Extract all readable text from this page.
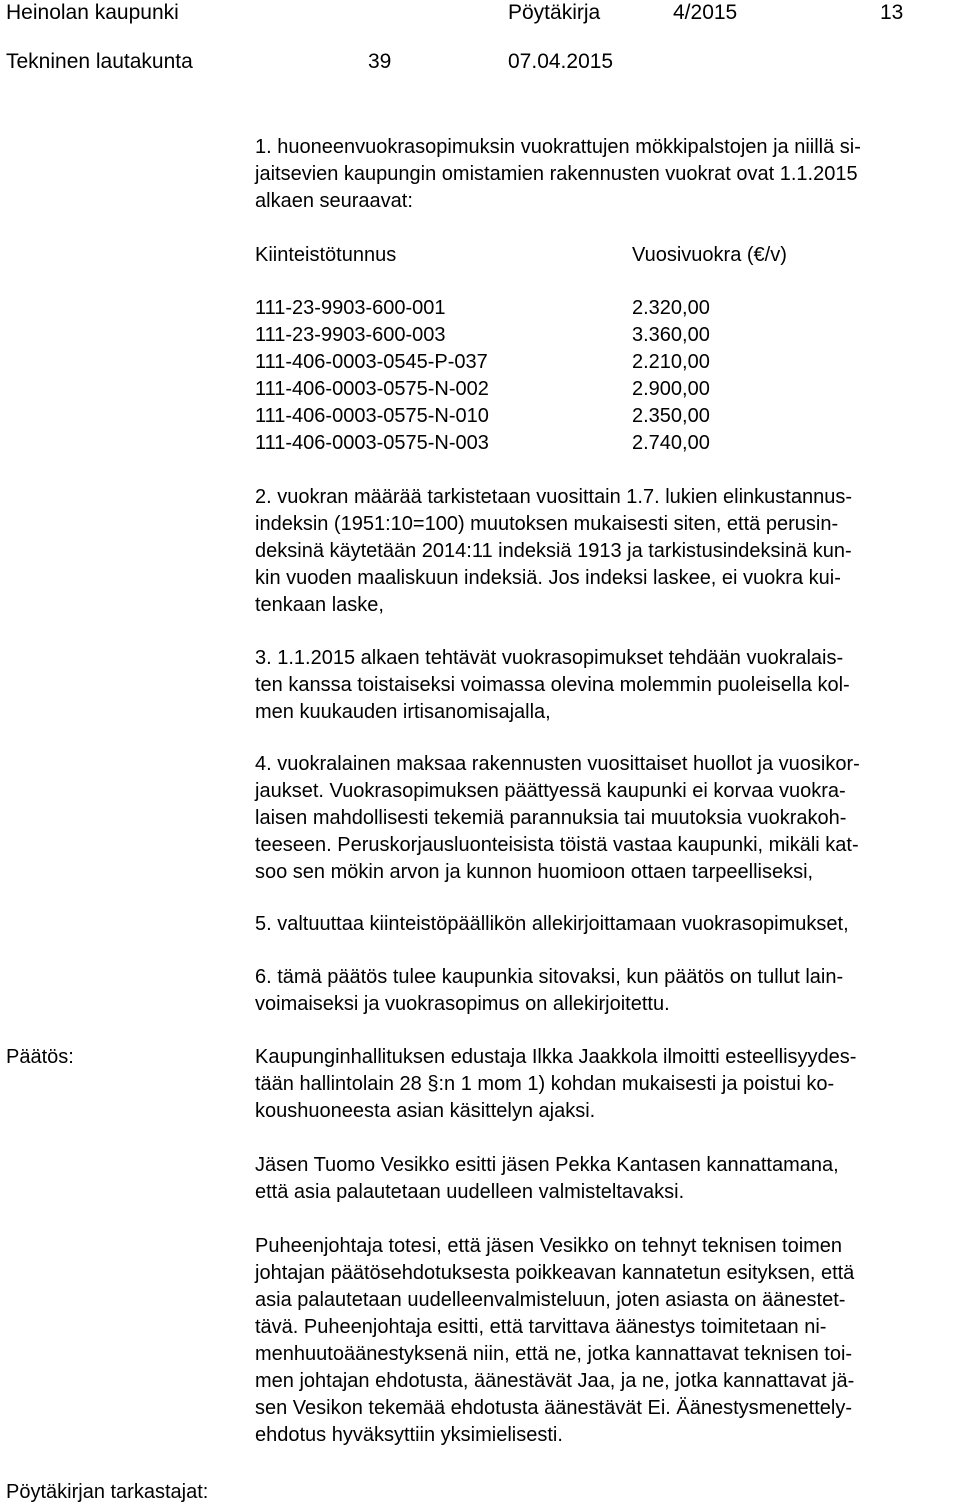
Heinolan kaupunki	Pöytäkirja	4/2015	13
Tekninen lautakunta	39	07.04.2015
1. huoneenvuokrasopimuksin vuokrattujen mökkipalstojen ja niillä si-
jaitsevien kaupungin omistamien rakennusten vuokrat ovat 1.1.2015
alkaen seuraavat:
Kiinteistötunnus	Vuosivuokra (€/v)
111-23-9903-600-001	2.320,00
111-23-9903-600-003	3.360,00
111-406-0003-0545-P-037	2.210,00
111-406-0003-0575-N-002	2.900,00
111-406-0003-0575-N-010	2.350,00
111-406-0003-0575-N-003	2.740,00
2. vuokran määrää tarkistetaan vuosittain 1.7. lukien elinkustannus-
indeksin (1951:10=100) muutoksen mukaisesti siten, että perusin-
deksinä käytetään 2014:11 indeksiä 1913 ja tarkistusindeksinä kun-
kin vuoden maaliskuun indeksiä. Jos indeksi laskee, ei vuokra kui-
tenkaan laske,
3. 1.1.2015 alkaen tehtävät vuokrasopimukset tehdään vuokralais-
ten kanssa toistaiseksi voimassa olevina molemmin puoleisella kol-
men kuukauden irtisanomisajalla,
4. vuokralainen maksaa rakennusten vuosittaiset huollot ja vuosikor-
jaukset. Vuokrasopimuksen päättyessä kaupunki ei korvaa vuokra-
laisen mahdollisesti tekemiä parannuksia tai muutoksia vuokrakoh-
teeseen. Peruskorjausluonteisista töistä vastaa kaupunki, mikäli kat-
soo sen mökin arvon ja kunnon huomioon ottaen tarpeelliseksi,
5. valtuuttaa kiinteistöpäällikön allekirjoittamaan vuokrasopimukset,
6. tämä päätös tulee kaupunkia sitovaksi, kun päätös on tullut lain-
voimaiseksi ja vuokrasopimus on allekirjoitettu.
Päätös:	Kaupunginhallituksen edustaja Ilkka Jaakkola ilmoitti esteellisyydes-
tään hallintolain 28 §:n 1 mom 1) kohdan mukaisesti ja poistui ko-
koushuoneesta asian käsittelyn ajaksi.
Jäsen Tuomo Vesikko esitti jäsen Pekka Kantasen kannattamana,
että asia palautetaan uudelleen valmisteltavaksi.
Puheenjohtaja totesi, että jäsen Vesikko on tehnyt teknisen toimen
johtajan päätösehdotuksesta poikkeavan kannatetun esityksen, että
asia palautetaan uudelleenvalmisteluun, joten asiasta on äänestet-
tävä. Puheenjohtaja esitti, että tarvittava äänestys toimitetaan ni-
menhuutoäänestyksenä niin, että ne, jotka kannattavat teknisen toi-
men johtajan ehdotusta, äänestävät Jaa, ja ne, jotka kannattavat jä-
sen Vesikon tekemää ehdotusta äänestävät Ei. Äänestysmenettely-
ehdotus hyväksyttiin yksimielisesti.
Pöytäkirjan tarkastajat:
